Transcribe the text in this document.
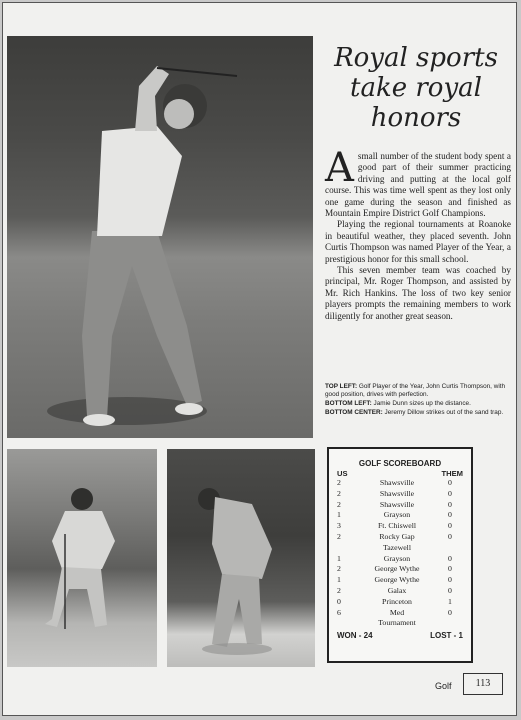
Royal sports
take royal
honors

Asmall number of the student body spent a good part of their summer practicing driving and putting at the local golf course. This was time well spent as they lost only one game during the season and finished as Mountain Empire District Golf Champions.

Playing the regional tournaments at Roanoke in beautiful weather, they placed seventh. John Curtis Thompson was named Player of the Year, a prestigious honor for this small school.

This seven member team was coached by principal, Mr. Roger Thompson, and assisted by Mr. Rich Hankins. The loss of two key senior players prompts the remaining members to work diligently for another great season.

TOP LEFT: Golf Player of the Year, John Curtis Thompson, with good position, drives with perfection.

BOTTOM LEFT: Jamie Dunn sizes up the distance.

BOTTOM CENTER: Jeremy Dillow strikes out of the sand trap.

GOLF SCOREBOARD
US	THEM
2	Shawsville	0
2	Shawsville	0
2	Shawsville	0
1	Grayson	0
3	Ft. Chiswell	0
2	Rocky Gap	0
Tazewell
1	Grayson	0
2	George Wythe	0
1	George Wythe	0
2	Galax	0
0	Princeton	1
6	Med	0
Tournament
WON - 24	LOST - 1
Golf	113
